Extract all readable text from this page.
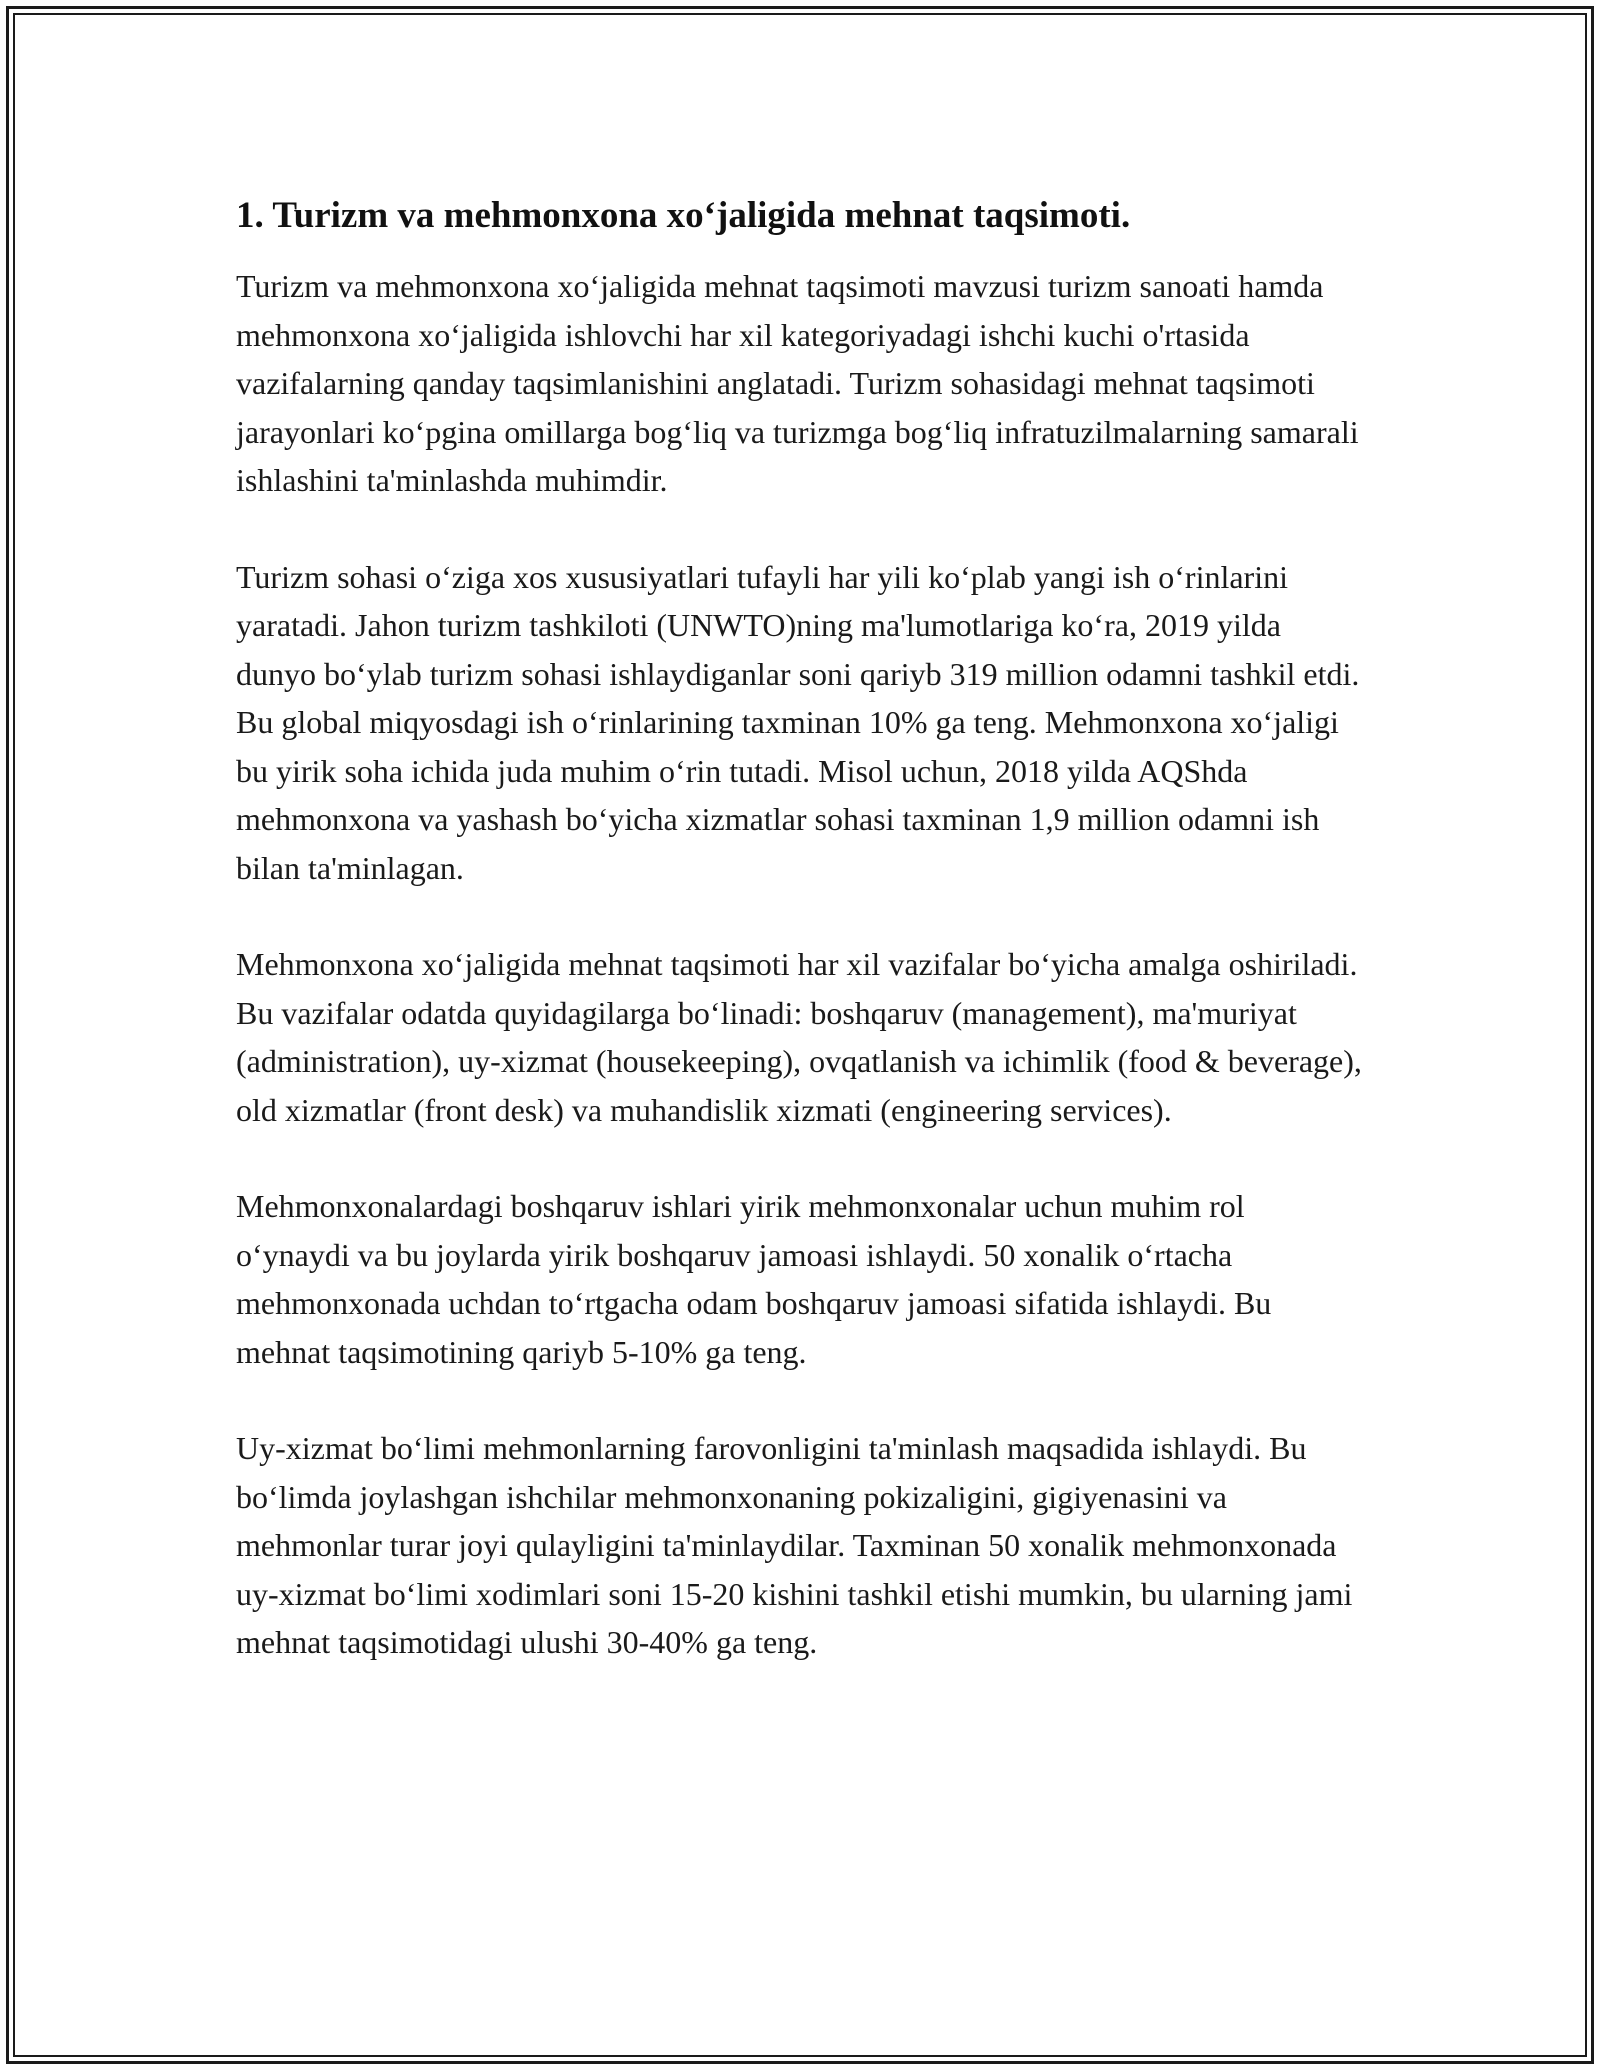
1. Turizm va mehmonxona xo‘jaligida mehnat taqsimoti.

Turizm va mehmonxona xo‘jaligida mehnat taqsimoti mavzusi turizm sanoati hamda mehmonxona xo‘jaligida ishlovchi har xil kategoriyadagi ishchi kuchi o'rtasida vazifalarning qanday taqsimlanishini anglatadi. Turizm sohasidagi mehnat taqsimoti jarayonlari ko‘pgina omillarga bog‘liq va turizmga bog‘liq infratuzilmalarning samarali ishlashini ta'minlashda muhimdir.

Turizm sohasi o‘ziga xos xususiyatlari tufayli har yili ko‘plab yangi ish o‘rinlarini yaratadi. Jahon turizm tashkiloti (UNWTO)ning ma'lumotlariga ko‘ra, 2019 yilda dunyo bo‘ylab turizm sohasi ishlaydiganlar soni qariyb 319 million odamni tashkil etdi. Bu global miqyosdagi ish o‘rinlarining taxminan 10% ga teng. Mehmonxona xo‘jaligi bu yirik soha ichida juda muhim o‘rin tutadi. Misol uchun, 2018 yilda AQShda mehmonxona va yashash bo‘yicha xizmatlar sohasi taxminan 1,9 million odamni ish bilan ta'minlagan.

Mehmonxona xo‘jaligida mehnat taqsimoti har xil vazifalar bo‘yicha amalga oshiriladi. Bu vazifalar odatda quyidagilarga bo‘linadi: boshqaruv (management), ma'muriyat (administration), uy-xizmat (housekeeping), ovqatlanish va ichimlik (food & beverage), old xizmatlar (front desk) va muhandislik xizmati (engineering services).

Mehmonxonalardagi boshqaruv ishlari yirik mehmonxonalar uchun muhim rol o‘ynaydi va bu joylarda yirik boshqaruv jamoasi ishlaydi. 50 xonalik o‘rtacha mehmonxonada uchdan to‘rtgacha odam boshqaruv jamoasi sifatida ishlaydi. Bu mehnat taqsimotining qariyb 5-10% ga teng.

Uy-xizmat bo‘limi mehmonlarning farovonligini ta'minlash maqsadida ishlaydi. Bu bo‘limda joylashgan ishchilar mehmonxonaning pokizaligini, gigiyenasini va mehmonlar turar joyi qulayligini ta'minlaydilar. Taxminan 50 xonalik mehmonxonada uy-xizmat bo‘limi xodimlari soni 15-20 kishini tashkil etishi mumkin, bu ularning jami mehnat taqsimotidagi ulushi 30-40% ga teng.
